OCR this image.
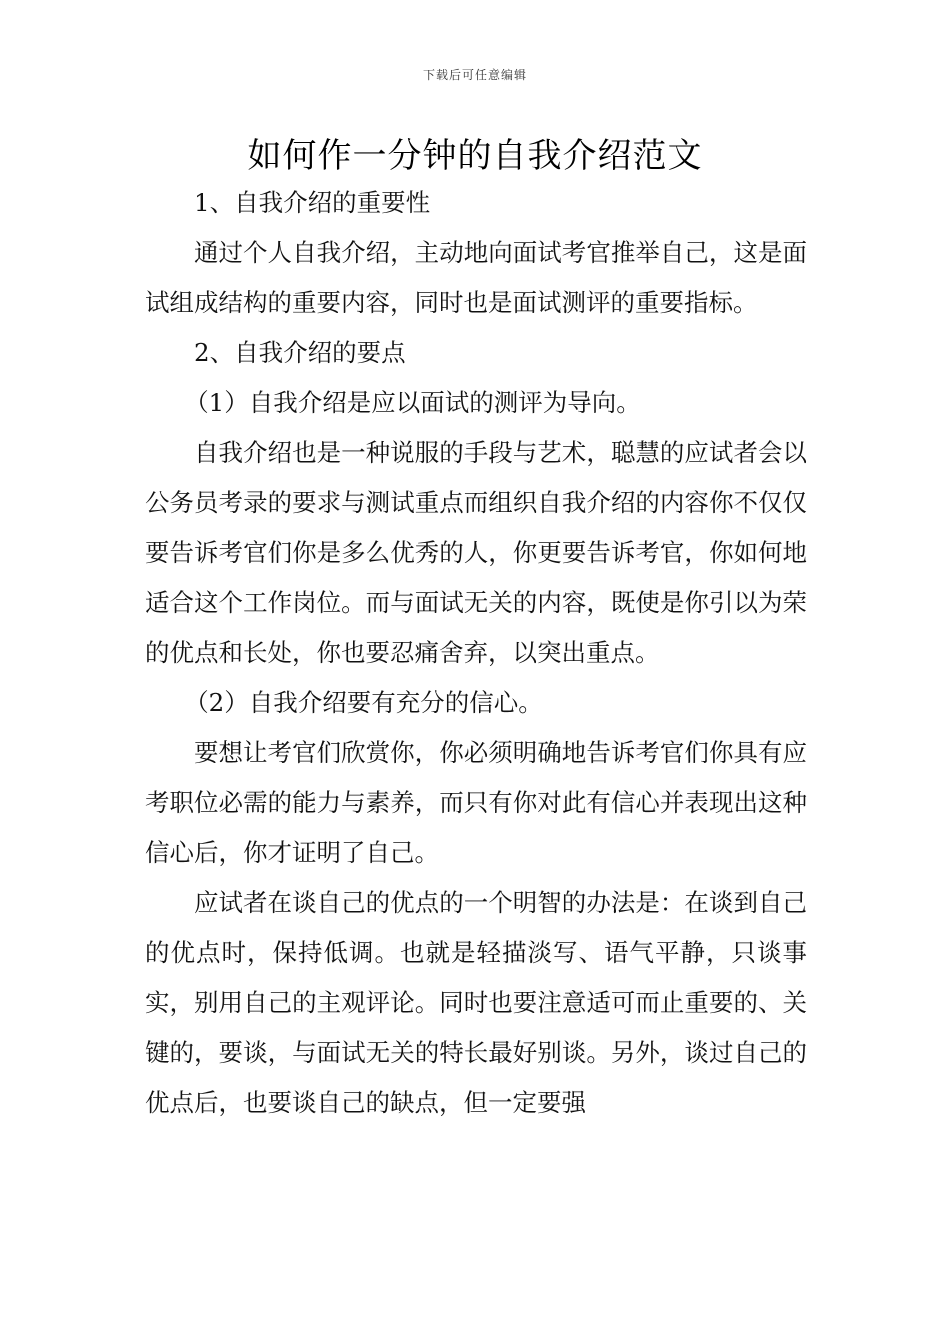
下载后可任意编辑
如何作一分钟的自我介绍范文

1、自我介绍的重要性

通过个人自我介绍，主动地向面试考官推举自己，这是面试组成结构的重要内容，同时也是面试测评的重要指标。

2、自我介绍的要点

（1）自我介绍是应以面试的测评为导向。

自我介绍也是一种说服的手段与艺术，聪慧的应试者会以公务员考录的要求与测试重点而组织自我介绍的内容你不仅仅要告诉考官们你是多么优秀的人，你更要告诉考官，你如何地适合这个工作岗位。而与面试无关的内容，既使是你引以为荣的优点和长处，你也要忍痛舍弃，以突出重点。

（2）自我介绍要有充分的信心。

要想让考官们欣赏你，你必须明确地告诉考官们你具有应考职位必需的能力与素养，而只有你对此有信心并表现出这种信心后，你才证明了自己。

应试者在谈自己的优点的一个明智的办法是：在谈到自己的优点时，保持低调。也就是轻描淡写、语气平静，只谈事实，别用自己的主观评论。同时也要注意适可而止重要的、关键的，要谈，与面试无关的特长最好别谈。另外，谈过自己的优点后，也要谈自己的缺点，但一定要强
